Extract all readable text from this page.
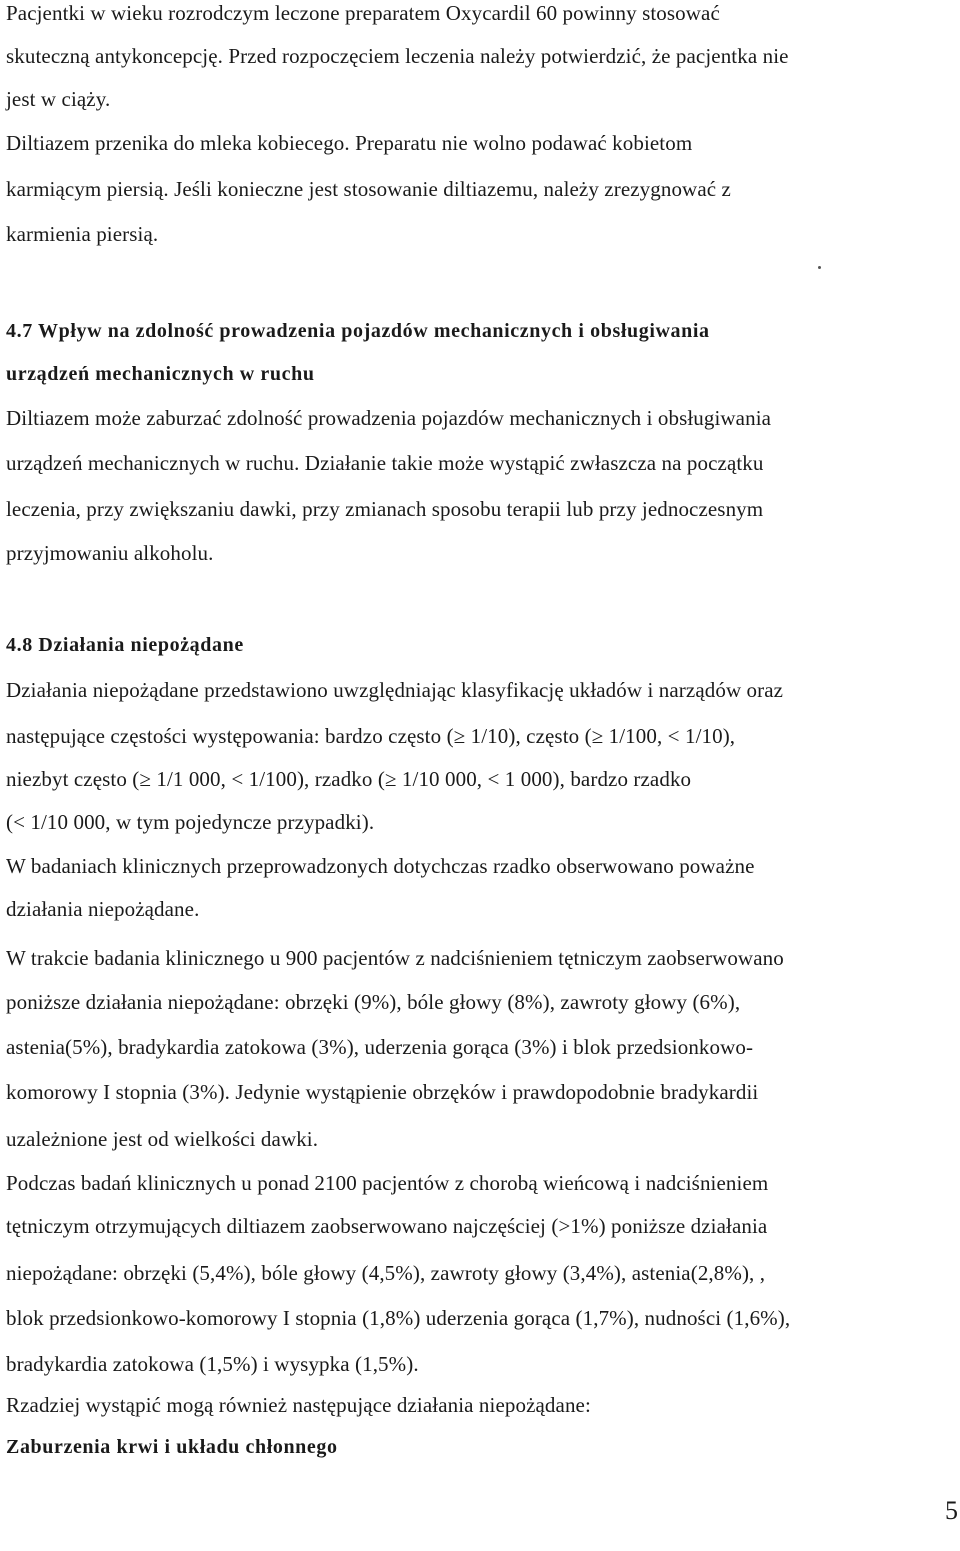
Pacjentki w wieku rozrodczym leczone preparatem Oxycardil 60 powinny stosować
skuteczną antykoncepcję. Przed rozpoczęciem leczenia należy potwierdzić, że pacjentka nie
jest w ciąży.
Diltiazem przenika do mleka kobiecego. Preparatu nie wolno podawać kobietom
karmiącym piersią. Jeśli konieczne jest stosowanie diltiazemu, należy zrezygnować z
karmienia piersią.
4.7 Wpływ na zdolność prowadzenia pojazdów mechanicznych i obsługiwania
urządzeń mechanicznych w ruchu
Diltiazem może zaburzać zdolność prowadzenia pojazdów mechanicznych i obsługiwania
urządzeń mechanicznych w ruchu. Działanie takie może wystąpić zwłaszcza na początku
leczenia, przy zwiększaniu dawki, przy zmianach sposobu terapii lub przy jednoczesnym
przyjmowaniu alkoholu.
4.8 Działania niepożądane
Działania niepożądane przedstawiono uwzględniając klasyfikację układów i narządów oraz
następujące częstości występowania: bardzo często (≥ 1/10), często (≥ 1/100, < 1/10),
niezbyt często (≥ 1/1 000, < 1/100), rzadko (≥ 1/10 000, < 1 000), bardzo rzadko
(< 1/10 000, w tym pojedyncze przypadki).
W badaniach klinicznych przeprowadzonych dotychczas rzadko obserwowano poważne
działania niepożądane.
W trakcie badania klinicznego u 900 pacjentów z nadciśnieniem tętniczym zaobserwowano
poniższe działania niepożądane: obrzęki (9%), bóle głowy (8%), zawroty głowy (6%),
astenia(5%), bradykardia zatokowa (3%), uderzenia gorąca (3%) i blok przedsionkowo-
komorowy I stopnia (3%). Jedynie wystąpienie obrzęków i prawdopodobnie bradykardii
uzależnione jest od wielkości dawki.
Podczas badań klinicznych u ponad 2100 pacjentów z chorobą wieńcową i nadciśnieniem
tętniczym otrzymujących diltiazem zaobserwowano najczęściej (>1%) poniższe działania
niepożądane: obrzęki (5,4%), bóle głowy (4,5%), zawroty głowy (3,4%), astenia(2,8%), ,
blok przedsionkowo-komorowy I stopnia (1,8%) uderzenia gorąca (1,7%), nudności (1,6%),
bradykardia zatokowa (1,5%) i wysypka (1,5%).
Rzadziej wystąpić mogą również następujące działania niepożądane:
Zaburzenia krwi i układu chłonnego
5
